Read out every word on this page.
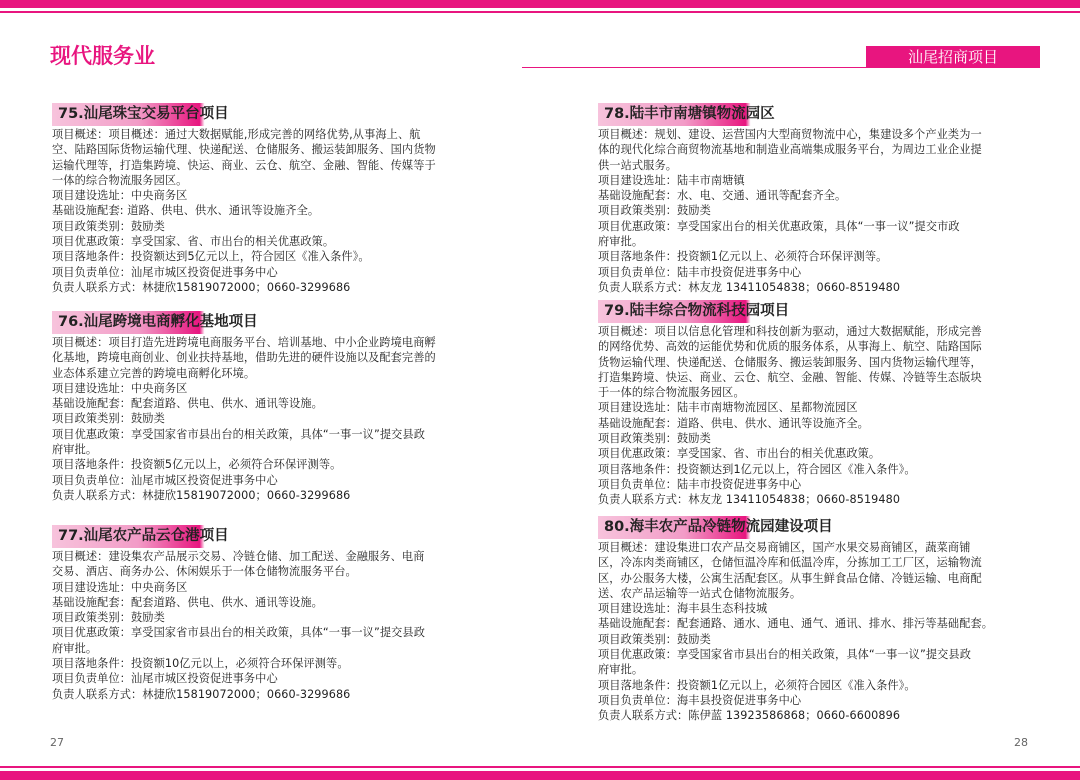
现代服务业	汕尾招商项目
75.汕尾珠宝交易平台项目

项目概述：项目概述：通过大数据赋能,形成完善的网络优势,从事海上、航

空、陆路国际货物运输代理、快递配送、仓储服务、搬运装卸服务、国内货物

运输代理等，打造集跨境、快运、商业、云仓、航空、金融、智能、传媒等于

一体的综合物流服务园区。

项目建设选址：中央商务区

基础设施配套: 道路、供电、供水、通讯等设施齐全。

项目政策类别：鼓励类

项目优惠政策：享受国家、省、市出台的相关优惠政策。

项目落地条件：投资额达到5亿元以上，符合园区《准入条件》。

项目负责单位：汕尾市城区投资促进事务中心

负责人联系方式：林捷欣15819072000；0660-3299686

76.汕尾跨境电商孵化基地项目

项目概述：项目打造先进跨境电商服务平台、培训基地、中小企业跨境电商孵

化基地，跨境电商创业、创业扶持基地，借助先进的硬件设施以及配套完善的

业态体系建立完善的跨境电商孵化环境。

项目建设选址：中央商务区

基础设施配套：配套道路、供电、供水、通讯等设施。

项目政策类别：鼓励类

项目优惠政策：享受国家省市县出台的相关政策，具体“一事一议”提交县政

府审批。

项目落地条件：投资额5亿元以上，必须符合环保评测等。

项目负责单位：汕尾市城区投资促进事务中心

负责人联系方式：林捷欣15819072000；0660-3299686

77.汕尾农产品云仓港项目

项目概述：建设集农产品展示交易、冷链仓储、加工配送、金融服务、电商

交易、酒店、商务办公、休闲娱乐于一体仓储物流服务平台。

项目建设选址：中央商务区

基础设施配套：配套道路、供电、供水、通讯等设施。

项目政策类别：鼓励类

项目优惠政策：享受国家省市县出台的相关政策，具体“一事一议”提交县政

府审批。

项目落地条件：投资额10亿元以上，必须符合环保评测等。

项目负责单位：汕尾市城区投资促进事务中心

负责人联系方式：林捷欣15819072000；0660-3299686

78.陆丰市南塘镇物流园区

项目概述：规划、建设、运营国内大型商贸物流中心，集建设多个产业类为一

体的现代化综合商贸物流基地和制造业高端集成服务平台，为周边工业企业提

供一站式服务。

项目建设选址：陆丰市南塘镇

基础设施配套：水、电、交通、通讯等配套齐全。

项目政策类别：鼓励类

项目优惠政策：享受国家出台的相关优惠政策，具体“一事一议”提交市政

府审批。

项目落地条件：投资额1亿元以上、必须符合环保评测等。

项目负责单位：陆丰市投资促进事务中心

负责人联系方式：林友龙 13411054838；0660-8519480

79.陆丰综合物流科技园项目

项目概述：项目以信息化管理和科技创新为驱动，通过大数据赋能，形成完善

的网络优势、高效的运能优势和优质的服务体系，从事海上、航空、陆路国际

货物运输代理、快递配送、仓储服务、搬运装卸服务、国内货物运输代理等，

打造集跨境、快运、商业、云仓、航空、金融、智能、传媒、冷链等生态版块

于一体的综合物流服务园区。

项目建设选址：陆丰市南塘物流园区、星都物流园区

基础设施配套：道路、供电、供水、通讯等设施齐全。

项目政策类别：鼓励类

项目优惠政策：享受国家、省、市出台的相关优惠政策。

项目落地条件：投资额达到1亿元以上，符合园区《准入条件》。

项目负责单位：陆丰市投资促进事务中心

负责人联系方式：林友龙 13411054838；0660-8519480

80.海丰农产品冷链物流园建设项目

项目概述：建设集进口农产品交易商铺区，国产水果交易商铺区，蔬菜商铺

区，冷冻肉类商铺区，仓储恒温冷库和低温冷库，分拣加工工厂区，运输物流

区，办公服务大楼，公寓生活配套区。从事生鲜食品仓储、冷链运输、电商配

送、农产品运输等一站式仓储物流服务。

项目建设选址：海丰县生态科技城

基础设施配套：配套通路、通水、通电、通气、通讯、排水、排污等基础配套。

项目政策类别：鼓励类

项目优惠政策：享受国家省市县出台的相关政策，具体“一事一议”提交县政

府审批。

项目落地条件：投资额1亿元以上，必须符合园区《准入条件》。

项目负责单位：海丰县投资促进事务中心

负责人联系方式：陈伊蓝 13923586868；0660-6600896

27	28
